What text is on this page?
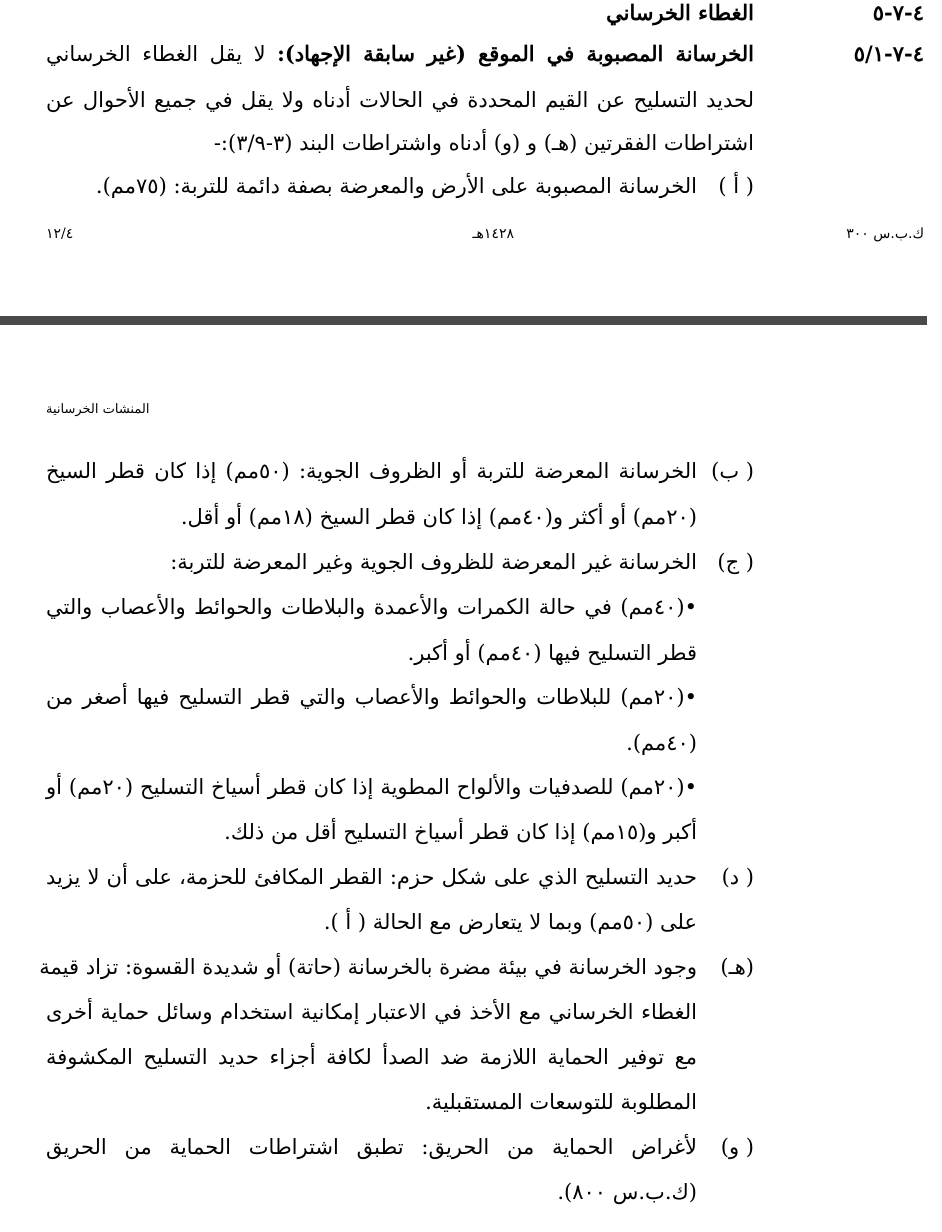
٤-٧-٥
الغطاء الخرساني
٤-٧-٥/١
الخرسانة المصبوبة في الموقع (غير سابقة الإجهاد): لا يقل الغطاء الخرساني
لحديد التسليح عن القيم المحددة في الحالات أدناه ولا يقل في جميع الأحوال عن
اشتراطات الفقرتين (هـ) و (و) أدناه واشتراطات البند (٣-٣/٩):-
( أ )
الخرسانة المصبوبة على الأرض والمعرضة بصفة دائمة للتربة: (٧٥مم).
ك.ب.س ٣٠٠
١٤٢٨هـ
١٢/٤
المنشات الخرسانية
( ب)
الخرسانة المعرضة للتربة أو الظروف الجوية: (٥٠مم) إذا كان قطر السيخ
(٢٠مم) أو أكثر و(٤٠مم) إذا كان قطر السيخ (١٨مم) أو أقل.
( ج)
الخرسانة غير المعرضة للظروف الجوية وغير المعرضة للتربة:
•(٤٠مم) في حالة الكمرات والأعمدة والبلاطات والحوائط والأعصاب والتي
قطر التسليح فيها (٤٠مم) أو أكبر.
•(٢٠مم) للبلاطات والحوائط والأعصاب والتي قطر التسليح فيها أصغر من
(٤٠مم).
•(٢٠مم) للصدفيات والألواح المطوية إذا كان قطر أسياخ التسليح (٢٠مم) أو
أكبر و(١٥مم) إذا كان قطر أسياخ التسليح أقل من ذلك.
( د)
حديد التسليح الذي على شكل حزم: القطر المكافئ للحزمة، على أن لا يزيد
على (٥٠مم) وبما لا يتعارض مع الحالة ( أ ).
(هـ)
وجود الخرسانة في بيئة مضرة بالخرسانة (حاتة) أو شديدة القسوة: تزاد قيمة
الغطاء الخرساني مع الأخذ في الاعتبار إمكانية استخدام وسائل حماية أخرى
مع توفير الحماية اللازمة ضد الصدأ لكافة أجزاء حديد التسليح المكشوفة
المطلوبة للتوسعات المستقبلية.
( و)
لأغراض الحماية من الحريق: تطبق اشتراطات الحماية من الحريق
(ك.ب.س ٨٠٠).
